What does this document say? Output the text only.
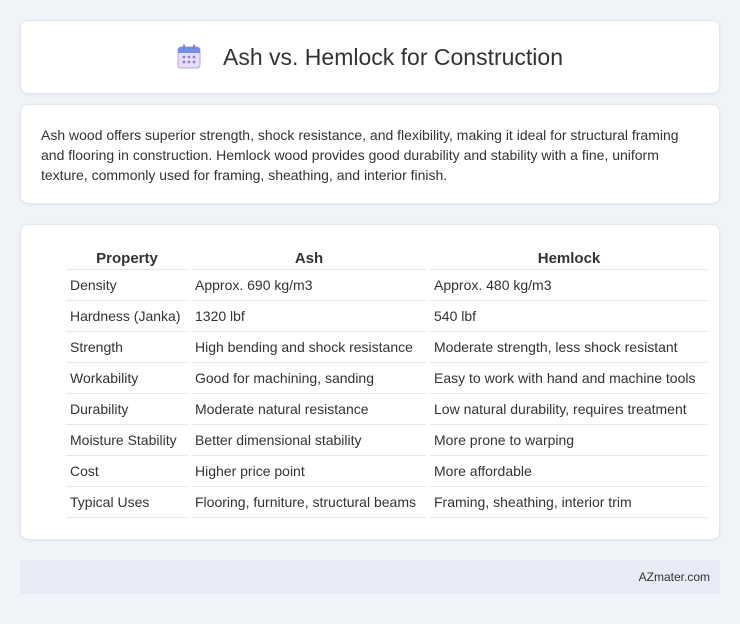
Ash vs. Hemlock for Construction

Ash wood offers superior strength, shock resistance, and flexibility, making it ideal for structural framing and flooring in construction. Hemlock wood provides good durability and stability with a fine, uniform texture, commonly used for framing, sheathing, and interior finish.

Property	Ash	Hemlock
Density	Approx. 690 kg/m3	Approx. 480 kg/m3
Hardness (Janka)	1320 lbf	540 lbf
Strength	High bending and shock resistance	Moderate strength, less shock resistant
Workability	Good for machining, sanding	Easy to work with hand and machine tools
Durability	Moderate natural resistance	Low natural durability, requires treatment
Moisture Stability	Better dimensional stability	More prone to warping
Cost	Higher price point	More affordable
Typical Uses	Flooring, furniture, structural beams	Framing, sheathing, interior trim
AZmater.com
